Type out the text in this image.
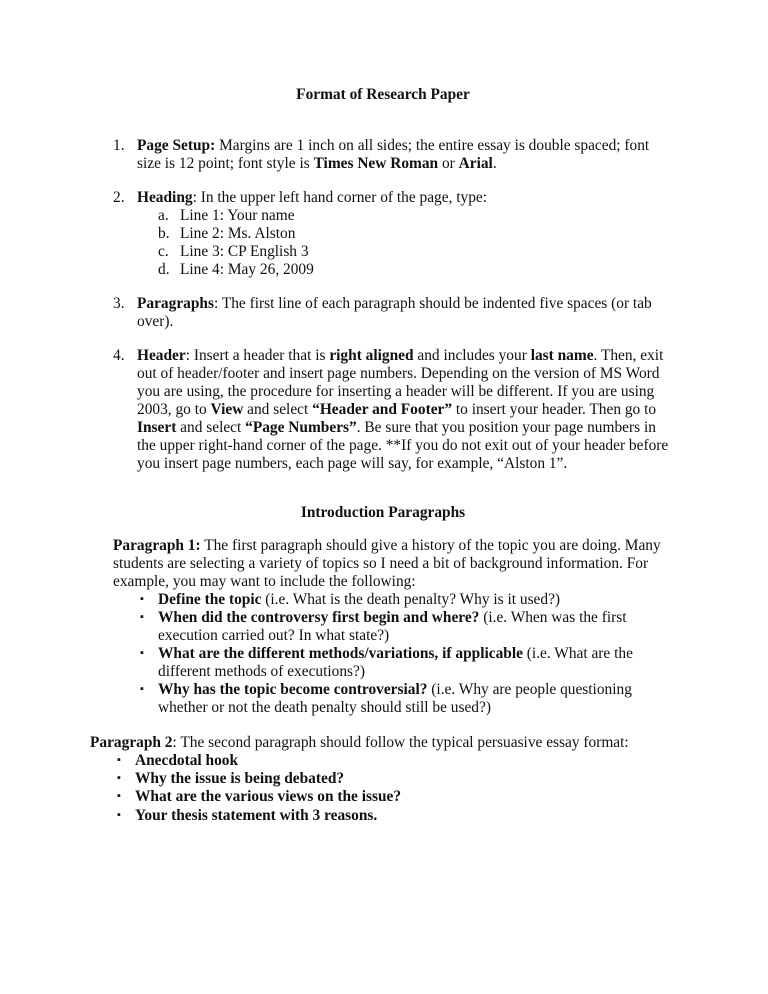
Format of Research Paper
1. Page Setup: Margins are 1 inch on all sides; the entire essay is double spaced; font size is 12 point; font style is Times New Roman or Arial.
2. Heading: In the upper left hand corner of the page, type:
a. Line 1: Your name
b. Line 2: Ms. Alston
c. Line 3: CP English 3
d. Line 4: May 26, 2009
3. Paragraphs: The first line of each paragraph should be indented five spaces (or tab over).
4. Header: Insert a header that is right aligned and includes your last name. Then, exit out of header/footer and insert page numbers. Depending on the version of MS Word you are using, the procedure for inserting a header will be different. If you are using 2003, go to View and select “Header and Footer” to insert your header. Then go to Insert and select “Page Numbers”. Be sure that you position your page numbers in the upper right-hand corner of the page. **If you do not exit out of your header before you insert page numbers, each page will say, for example, “Alston 1”.
Introduction Paragraphs
Paragraph 1: The first paragraph should give a history of the topic you are doing. Many students are selecting a variety of topics so I need a bit of background information. For example, you may want to include the following:
▪ Define the topic (i.e. What is the death penalty? Why is it used?)
▪ When did the controversy first begin and where? (i.e. When was the first execution carried out? In what state?)
▪ What are the different methods/variations, if applicable (i.e. What are the different methods of executions?)
▪ Why has the topic become controversial? (i.e. Why are people questioning whether or not the death penalty should still be used?)
Paragraph 2: The second paragraph should follow the typical persuasive essay format:
▪ Anecdotal hook
▪ Why the issue is being debated?
▪ What are the various views on the issue?
▪ Your thesis statement with 3 reasons.
